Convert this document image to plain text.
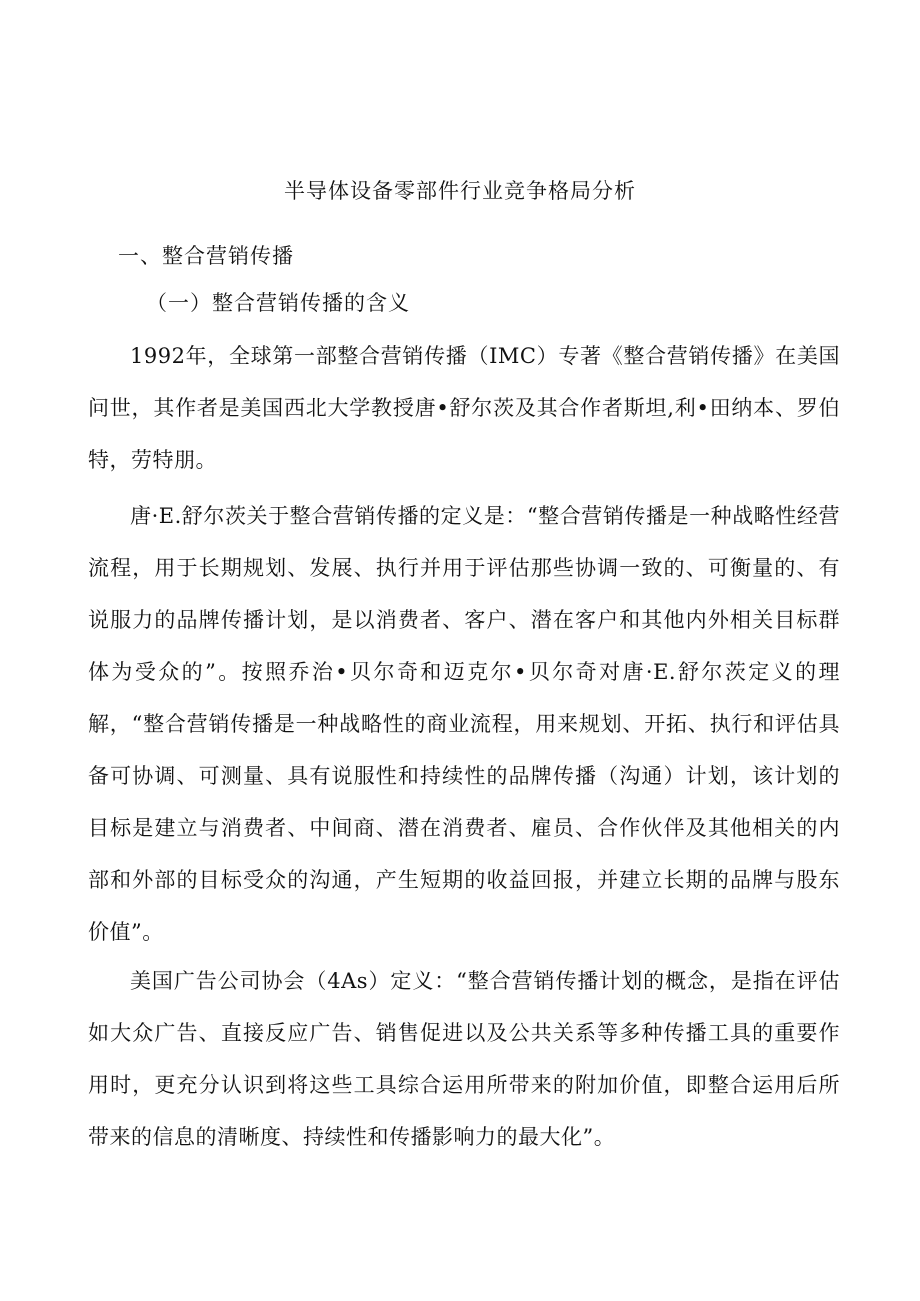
半导体设备零部件行业竞争格局分析
一、整合营销传播
（一）整合营销传播的含义

1992年，全球第一部整合营销传播（IMC）专著《整合营销传播》在美国问世，其作者是美国西北大学教授唐•舒尔茨及其合作者斯坦,利•田纳本、罗伯特，劳特朋。

唐·E.舒尔茨关于整合营销传播的定义是：“整合营销传播是一种战略性经营流程，用于长期规划、发展、执行并用于评估那些协调一致的、可衡量的、有说服力的品牌传播计划，是以消费者、客户、潜在客户和其他内外相关目标群体为受众的”。按照乔治•贝尔奇和迈克尔•贝尔奇对唐·E.舒尔茨定义的理解，“整合营销传播是一种战略性的商业流程，用来规划、开拓、执行和评估具备可协调、可测量、具有说服性和持续性的品牌传播（沟通）计划，该计划的目标是建立与消费者、中间商、潜在消费者、雇员、合作伙伴及其他相关的内部和外部的目标受众的沟通，产生短期的收益回报，并建立长期的品牌与股东价值”。

美国广告公司协会（4As）定义：“整合营销传播计划的概念，是指在评估如大众广告、直接反应广告、销售促进以及公共关系等多种传播工具的重要作用时，更充分认识到将这些工具综合运用所带来的附加价值，即整合运用后所带来的信息的清晰度、持续性和传播影响力的最大化”。
